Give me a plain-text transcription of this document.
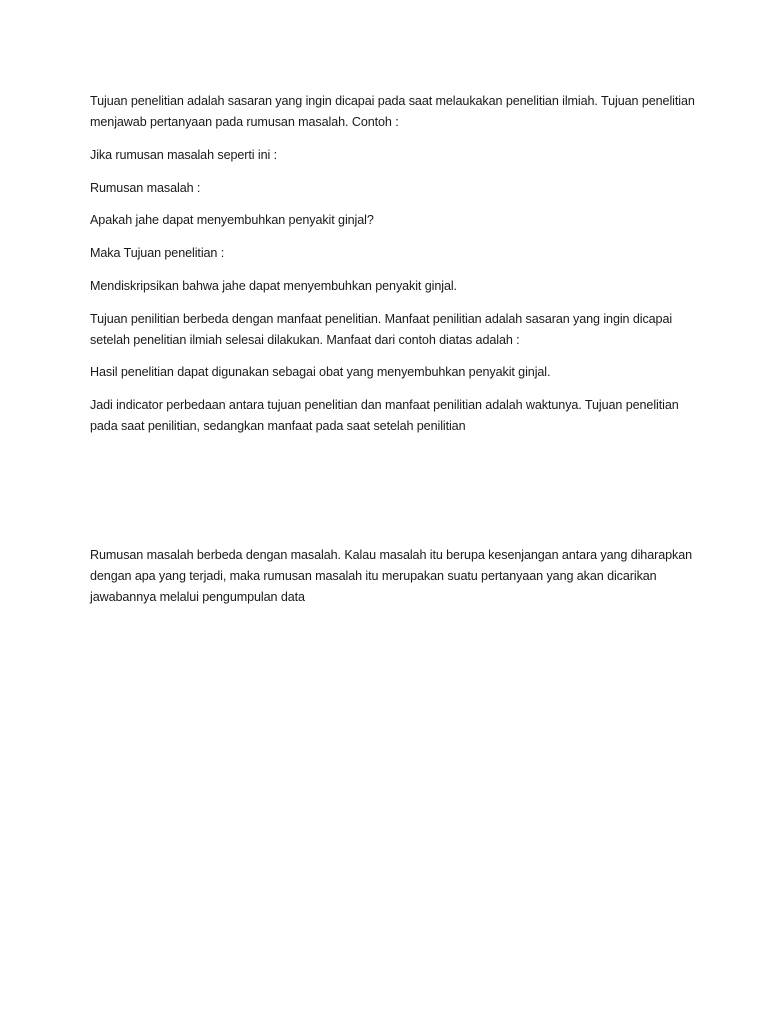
Tujuan penelitian adalah sasaran yang ingin dicapai pada saat melaukakan penelitian ilmiah. Tujuan penelitian menjawab pertanyaan pada rumusan masalah. Contoh :

Jika rumusan masalah seperti ini :

Rumusan masalah :

Apakah jahe dapat menyembuhkan penyakit ginjal?

Maka Tujuan penelitian :

Mendiskripsikan bahwa jahe dapat menyembuhkan penyakit ginjal.

Tujuan penilitian berbeda dengan manfaat penelitian. Manfaat penilitian adalah sasaran yang ingin dicapai setelah penelitian ilmiah selesai dilakukan. Manfaat dari contoh diatas adalah :

Hasil penelitian dapat digunakan sebagai obat yang menyembuhkan penyakit ginjal.

Jadi indicator perbedaan antara tujuan penelitian dan manfaat penilitian adalah waktunya. Tujuan penelitian pada saat penilitian, sedangkan manfaat pada saat setelah penilitian

Rumusan masalah berbeda dengan masalah. Kalau masalah itu berupa kesenjangan antara yang diharapkan dengan apa yang terjadi, maka rumusan masalah itu merupakan suatu pertanyaan yang akan dicarikan jawabannya melalui pengumpulan data
